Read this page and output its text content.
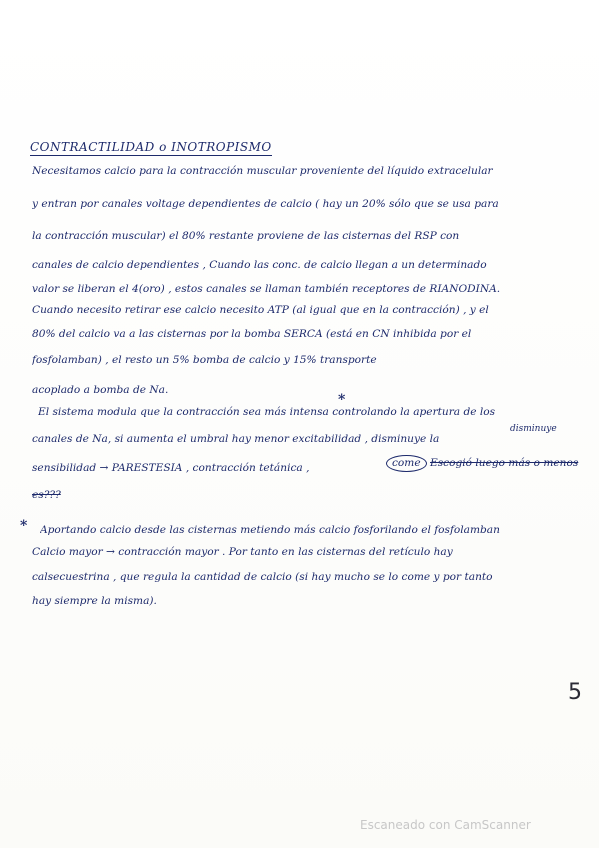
CONTRACTILIDAD o INOTROPISMO
Necesitamos calcio para la contracción muscular proveniente del líquido extracelular
y entran por canales voltage dependientes de calcio ( hay un 20% sólo que se usa para
la contracción muscular) el 80% restante proviene de las cisternas del RSP con
canales de calcio dependientes , Cuando las conc. de calcio llegan a un determinado
valor se liberan el 4(oro) , estos canales se llaman también receptores de RIANODINA.
Cuando necesito retirar ese calcio necesito ATP (al igual que en la contracción) , y el
80% del calcio va a las cisternas por la bomba SERCA (está en CN inhibida por el
fosfolamban) , el resto un 5% bomba de calcio y 15% transporte
acoplado a bomba de Na.
*
El sistema modula que la contracción sea más intensa controlando la apertura de los
disminuye
canales de Na, si aumenta el umbral hay menor excitabilidad , disminuye la
sensibilidad → PARESTESIA , contracción tetánica ,	come Escogió luego más o menos
es???
* Aportando calcio desde las cisternas metiendo más calcio fosforilando el fosfolamban
Calcio mayor → contracción mayor . Por tanto en las cisternas del retículo hay
calsecuestrina , que regula la cantidad de calcio (si hay mucho se lo come y por tanto
hay siempre la misma).
5
Escaneado con CamScanner
